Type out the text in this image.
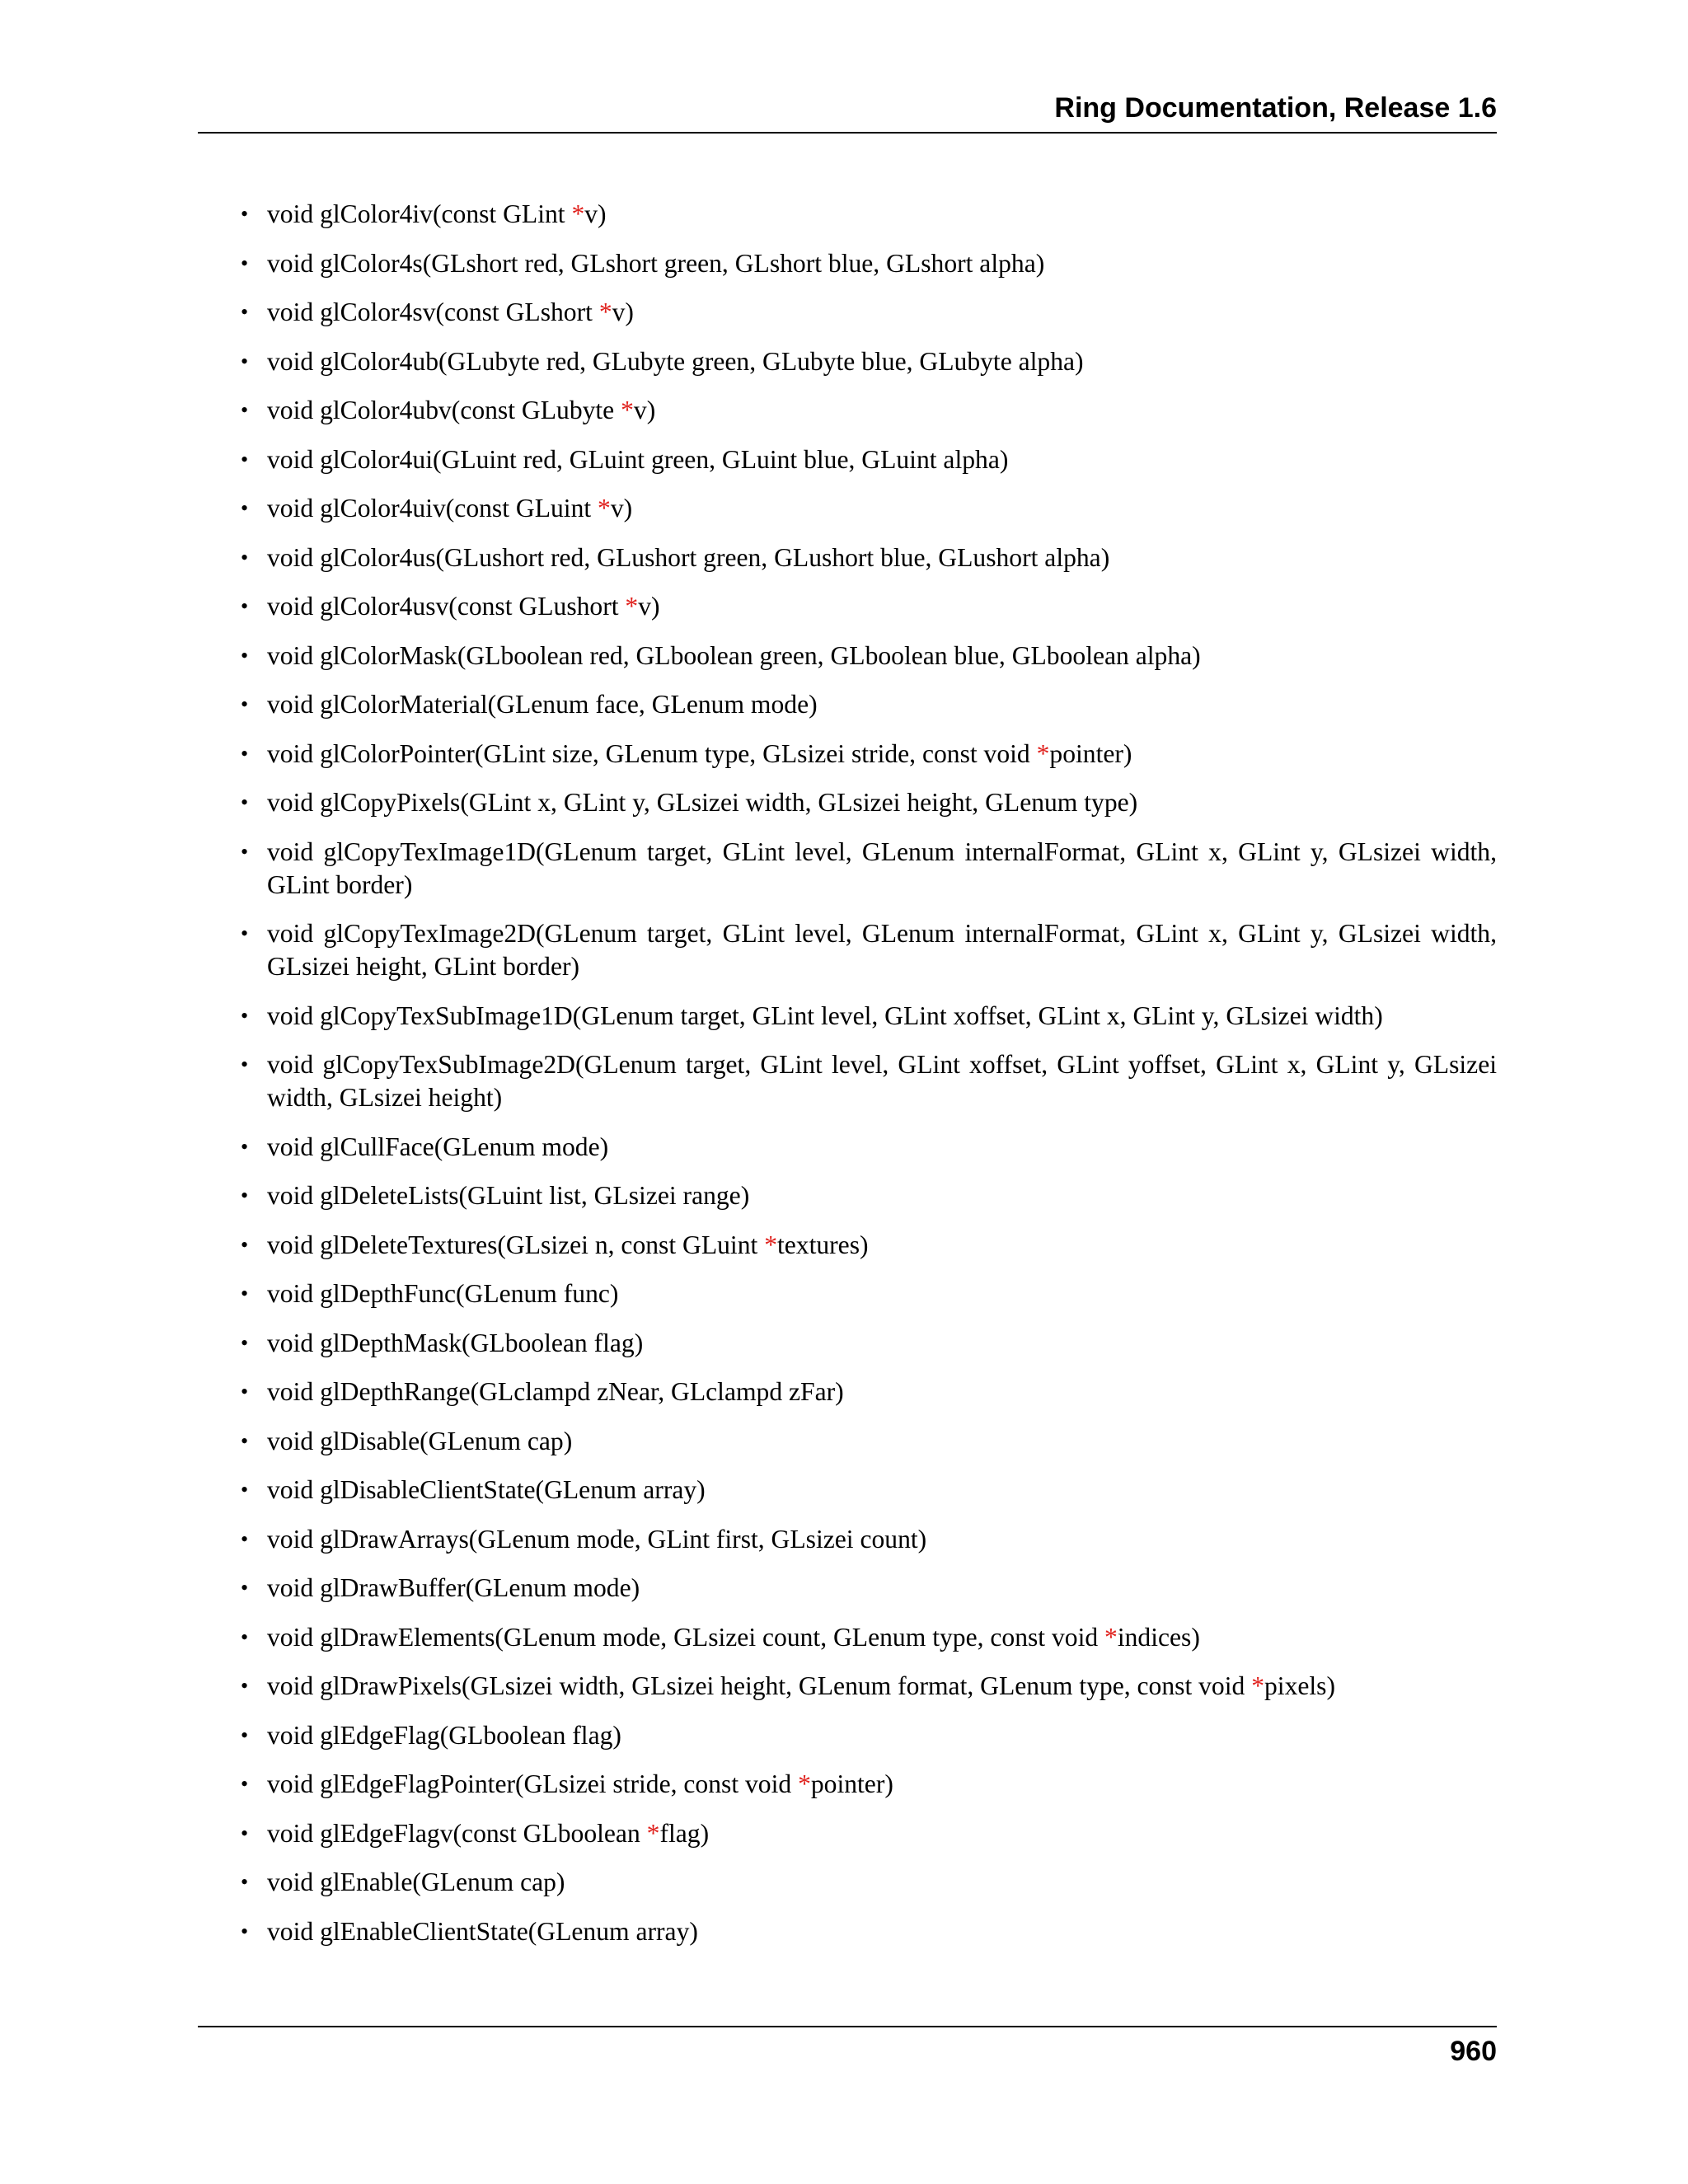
Ring Documentation, Release 1.6
• void glColor4iv(const GLint *v)
• void glColor4s(GLshort red, GLshort green, GLshort blue, GLshort alpha)
• void glColor4sv(const GLshort *v)
• void glColor4ub(GLubyte red, GLubyte green, GLubyte blue, GLubyte alpha)
• void glColor4ubv(const GLubyte *v)
• void glColor4ui(GLuint red, GLuint green, GLuint blue, GLuint alpha)
• void glColor4uiv(const GLuint *v)
• void glColor4us(GLushort red, GLushort green, GLushort blue, GLushort alpha)
• void glColor4usv(const GLushort *v)
• void glColorMask(GLboolean red, GLboolean green, GLboolean blue, GLboolean alpha)
• void glColorMaterial(GLenum face, GLenum mode)
• void glColorPointer(GLint size, GLenum type, GLsizei stride, const void *pointer)
• void glCopyPixels(GLint x, GLint y, GLsizei width, GLsizei height, GLenum type)
• void glCopyTexImage1D(GLenum target, GLint level, GLenum internalFormat, GLint x, GLint y, GLsizei width, GLint border)
• void glCopyTexImage2D(GLenum target, GLint level, GLenum internalFormat, GLint x, GLint y, GLsizei width, GLsizei height, GLint border)
• void glCopyTexSubImage1D(GLenum target, GLint level, GLint xoffset, GLint x, GLint y, GLsizei width)
• void glCopyTexSubImage2D(GLenum target, GLint level, GLint xoffset, GLint yoffset, GLint x, GLint y, GLsizei width, GLsizei height)
• void glCullFace(GLenum mode)
• void glDeleteLists(GLuint list, GLsizei range)
• void glDeleteTextures(GLsizei n, const GLuint *textures)
• void glDepthFunc(GLenum func)
• void glDepthMask(GLboolean flag)
• void glDepthRange(GLclampd zNear, GLclampd zFar)
• void glDisable(GLenum cap)
• void glDisableClientState(GLenum array)
• void glDrawArrays(GLenum mode, GLint first, GLsizei count)
• void glDrawBuffer(GLenum mode)
• void glDrawElements(GLenum mode, GLsizei count, GLenum type, const void *indices)
• void glDrawPixels(GLsizei width, GLsizei height, GLenum format, GLenum type, const void *pixels)
• void glEdgeFlag(GLboolean flag)
• void glEdgeFlagPointer(GLsizei stride, const void *pointer)
• void glEdgeFlagv(const GLboolean *flag)
• void glEnable(GLenum cap)
• void glEnableClientState(GLenum array)
960
